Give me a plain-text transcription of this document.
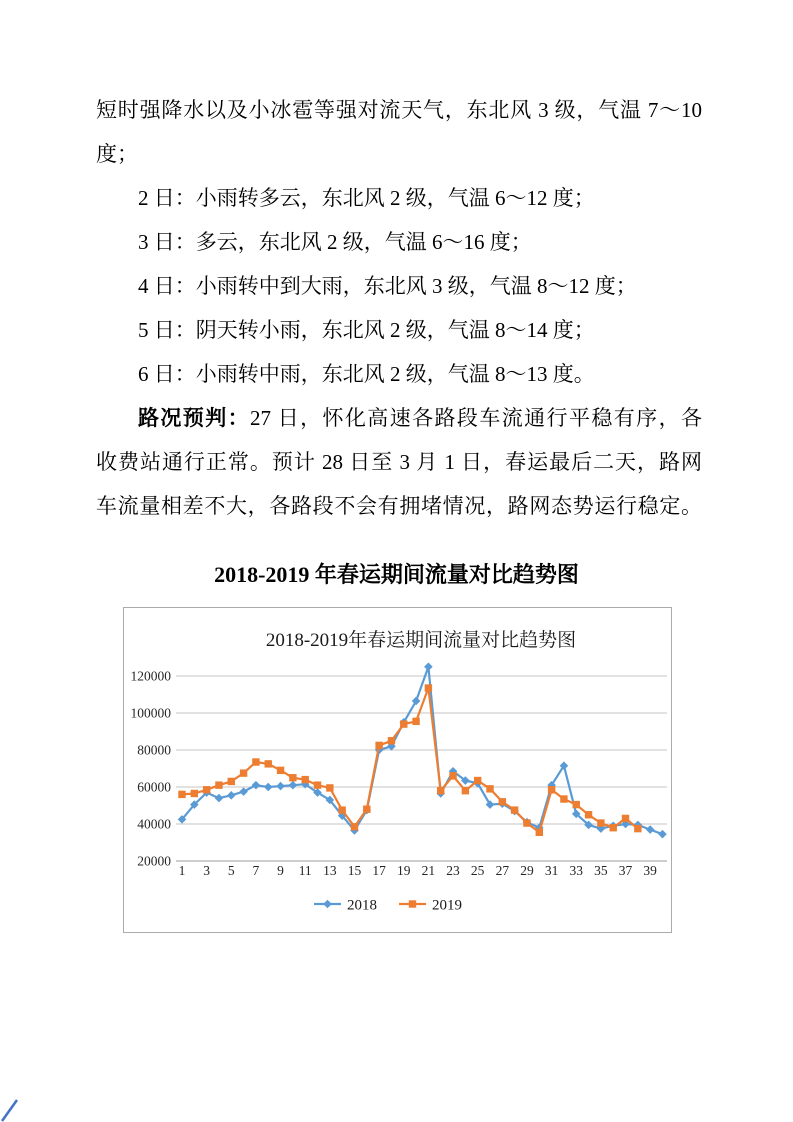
短时强降水以及小冰雹等强对流天气，东北风 3 级，气温 7～10
度；
2 日：小雨转多云，东北风 2 级，气温 6～12 度；
3 日：多云，东北风 2 级，气温 6～16 度；
4 日：小雨转中到大雨，东北风 3 级，气温 8～12 度；
5 日：阴天转小雨，东北风 2 级，气温 8～14 度；
6 日：小雨转中雨，东北风 2 级，气温 8～13 度。
路况预判：27 日，怀化高速各路段车流通行平稳有序，各
收费站通行正常。预计 28 日至 3 月 1 日，春运最后二天，路网
车流量相差不大，各路段不会有拥堵情况，路网态势运行稳定。
2018-2019 年春运期间流量对比趋势图
2018-2019年春运期间流量对比趋势图
20000
40000
60000
80000
100000
120000
1 3 5 7 9 11 13 15 17 19 21 23 25 27 29 31 33 35 37 39
2018	2019
